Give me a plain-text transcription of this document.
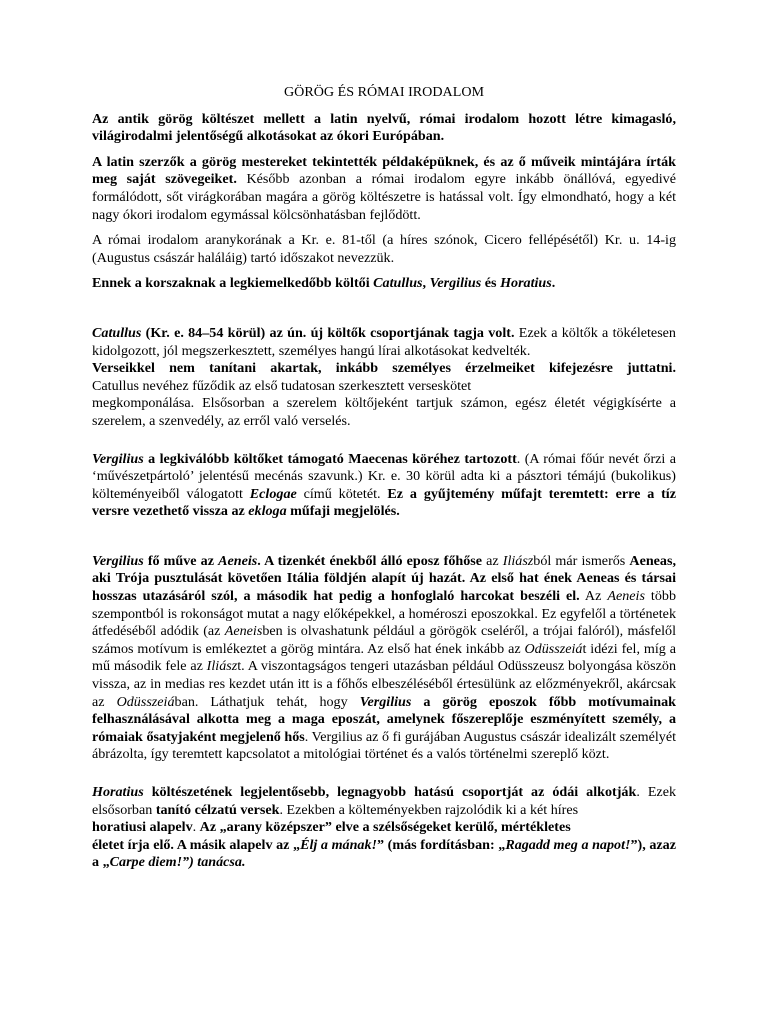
GÖRÖG ÉS RÓMAI IRODALOM

Az antik görög költészet mellett a latin nyelvű, római irodalom hozott létre kimagasló, világirodalmi jelentőségű alkotásokat az ókori Európában.

A latin szerzők a görög mestereket tekintették példaképüknek, és az ő műveik mintájára írták meg saját szövegeiket. Később azonban a római irodalom egyre inkább önállóvá, egyedivé formálódott, sőt virágkorában magára a görög költészetre is hatással volt. Így elmondható, hogy a két nagy ókori irodalom egymással kölcsönhatásban fejlődött.

A római irodalom aranykorának a Kr. e. 81-től (a híres szónok, Cicero fellépésétől) Kr. u. 14-ig (Augustus császár haláláig) tartó időszakot nevezzük.

Ennek a korszaknak a legkiemelkedőbb költői Catullus, Vergilius és Horatius.

Catullus (Kr. e. 84–54 körül) az ún. új költők csoportjának tagja volt. Ezek a költők a tökéletesen kidolgozott, jól megszerkesztett, személyes hangú lírai alkotásokat kedvelték.

Verseikkel nem tanítani akartak, inkább személyes érzelmeiket kifejezésre juttatni.
Catullus nevéhez fűződik az első tudatosan szerkesztett verseskötet
megkomponálása. Elsősorban a szerelem költőjeként tartjuk számon, egész életét végigkísérte a szerelem, a szenvedély, az erről való verselés.

Vergilius a legkiválóbb költőket támogató Maecenas köréhez tartozott. (A római főúr nevét őrzi a ‘művészetpártoló’ jelentésű mecénás szavunk.) Kr. e. 30 körül adta ki a pásztori témájú (bukolikus) költeményeiből válogatott Eclogae című kötetét. Ez a gyűjtemény műfajt teremtett: erre a tíz versre vezethető vissza az ekloga műfaji megjelölés.

Vergilius fő műve az Aeneis. A tizenkét énekből álló eposz főhőse az Iliászból már ismerős Aeneas, aki Trója pusztulását követően Itália földjén alapít új hazát. Az első hat ének Aeneas és társai hosszas utazásáról szól, a második hat pedig a honfoglaló harcokat beszéli el. Az Aeneis több szempontból is rokonságot mutat a nagy előképekkel, a homéroszi eposzokkal. Ez egyfelől a történetek átfedéséből adódik (az Aeneisben is olvashatunk például a görögök cseléről, a trójai falóról), másfelől számos motívum is emlékeztet a görög mintára. Az első hat ének inkább az Odüsszeiát idézi fel, míg a mű második fele az Iliászt. A viszontagságos tengeri utazásban például Odüsszeusz bolyongása köszön vissza, az in medias res kezdet után itt is a főhős elbeszéléséből értesülünk az előzményekről, akárcsak az Odüsszeiában. Láthatjuk tehát, hogy Vergilius a görög eposzok főbb motívumainak felhasználásával alkotta meg a maga eposzát, amelynek főszereplője eszményített személy, a rómaiak ősatyjaként megjelenő hős. Vergilius az ő fi gurájában Augustus császár idealizált személyét ábrázolta, így teremtett kapcsolatot a mitológiai történet és a valós történelmi szereplő közt.

Horatius költészetének legjelentősebb, legnagyobb hatású csoportját az ódái alkotják. Ezek elsősorban tanító célzatú versek. Ezekben a költeményekben rajzolódik ki a két híres
horatiusi alapelv. Az „arany középszer” elve a szélsőségeket kerülő, mértékletes
életet írja elő. A másik alapelv az „Élj a mának!” (más fordításban: „Ragadd meg a napot!”), azaz a „Carpe diem!”) tanácsa.
